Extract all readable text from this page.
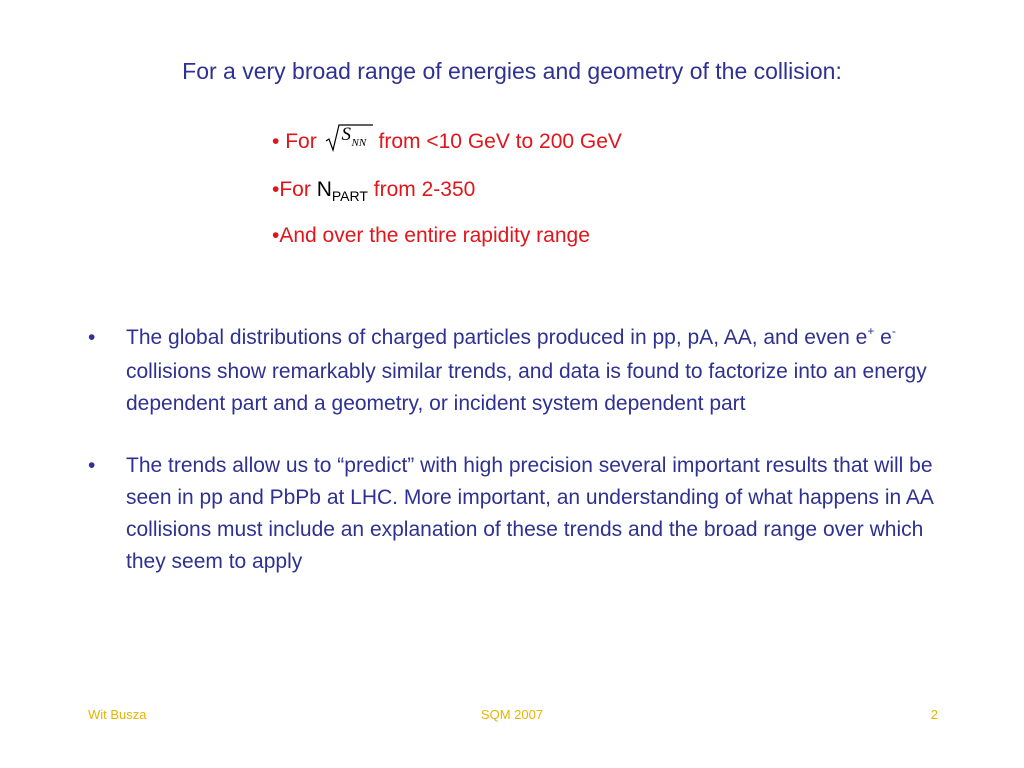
For a very broad range of energies and geometry of the collision:
• For S NN from <10 GeV to 200 GeV
•For $N_{PART}$ from 2-350
•And over the entire rapidity range
• The global distributions of charged particles produced in pp, pA, AA, and even e+ e- collisions show remarkably similar trends, and data is found to factorize into an energy dependent part and a geometry, or incident system dependent part
• The trends allow us to “predict” with high precision several important results that will be seen in pp and PbPb at LHC. More important, an understanding of what happens in AA collisions must include an explanation of these trends and the broad range over which they seem to apply
Wit Busza	SQM 2007	2
